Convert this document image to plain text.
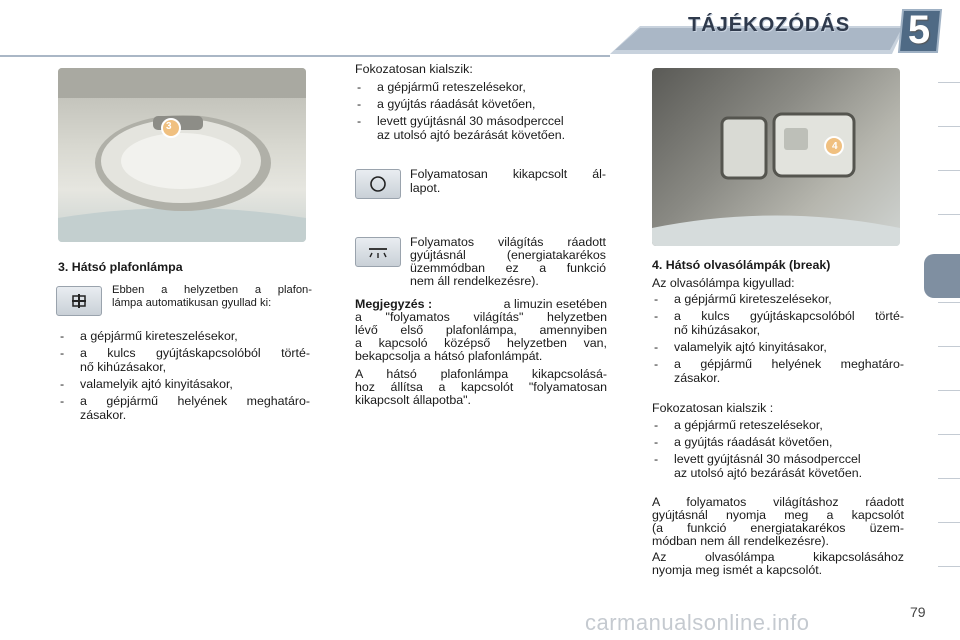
TÁJÉKOZÓDÁS	5
3
4
3. Hátsó plafonlámpa
Ebben a helyzetben a plafon-
lámpa automatikusan gyullad ki:
- a gépjármű kireteszelésekor,
- a kulcs gyújtáskapcsolóból törté-
nő kihúzásakor,
- valamelyik ajtó kinyitásakor,
- a gépjármű helyének meghatáro-
zásakor.
Fokozatosan kialszik:
- a gépjármű reteszelésekor,
- a gyújtás ráadását követően,
- levett gyújtásnál 30 másodperccel
az utolsó ajtó bezárását követően.
Folyamatosan kikapcsolt ál-
lapot.
Folyamatos világítás ráadott
gyújtásnál (energiatakarékos
üzemmódban ez a funkció
nem áll rendelkezésre).
Megjegyzés :	a limuzin esetében
a "folyamatos világítás" helyzetben
lévő első plafonlámpa, amennyiben
a kapcsoló középső helyzetben van,
bekapcsolja a hátsó plafonlámpát.
A hátsó plafonlámpa kikapcsolásá-
hoz állítsa a kapcsolót "folyamatosan
kikapcsolt állapotba".
4. Hátsó olvasólámpák (break)
Az olvasólámpa kigyullad:
- a gépjármű kireteszelésekor,
- a kulcs gyújtáskapcsolóból törté-
nő kihúzásakor,
- valamelyik ajtó kinyitásakor,
- a gépjármű helyének meghatáro-
zásakor.
Fokozatosan kialszik :
- a gépjármű reteszelésekor,
- a gyújtás ráadását követően,
- levett gyújtásnál 30 másodperccel
az utolsó ajtó bezárását követően.
A folyamatos világításhoz ráadott
gyújtásnál nyomja meg a kapcsolót
(a funkció energiatakarékos üzem-
módban nem áll rendelkezésre).
Az olvasólámpa kikapcsolásához
nyomja meg ismét a kapcsolót.
carmanualsonline.info	79
